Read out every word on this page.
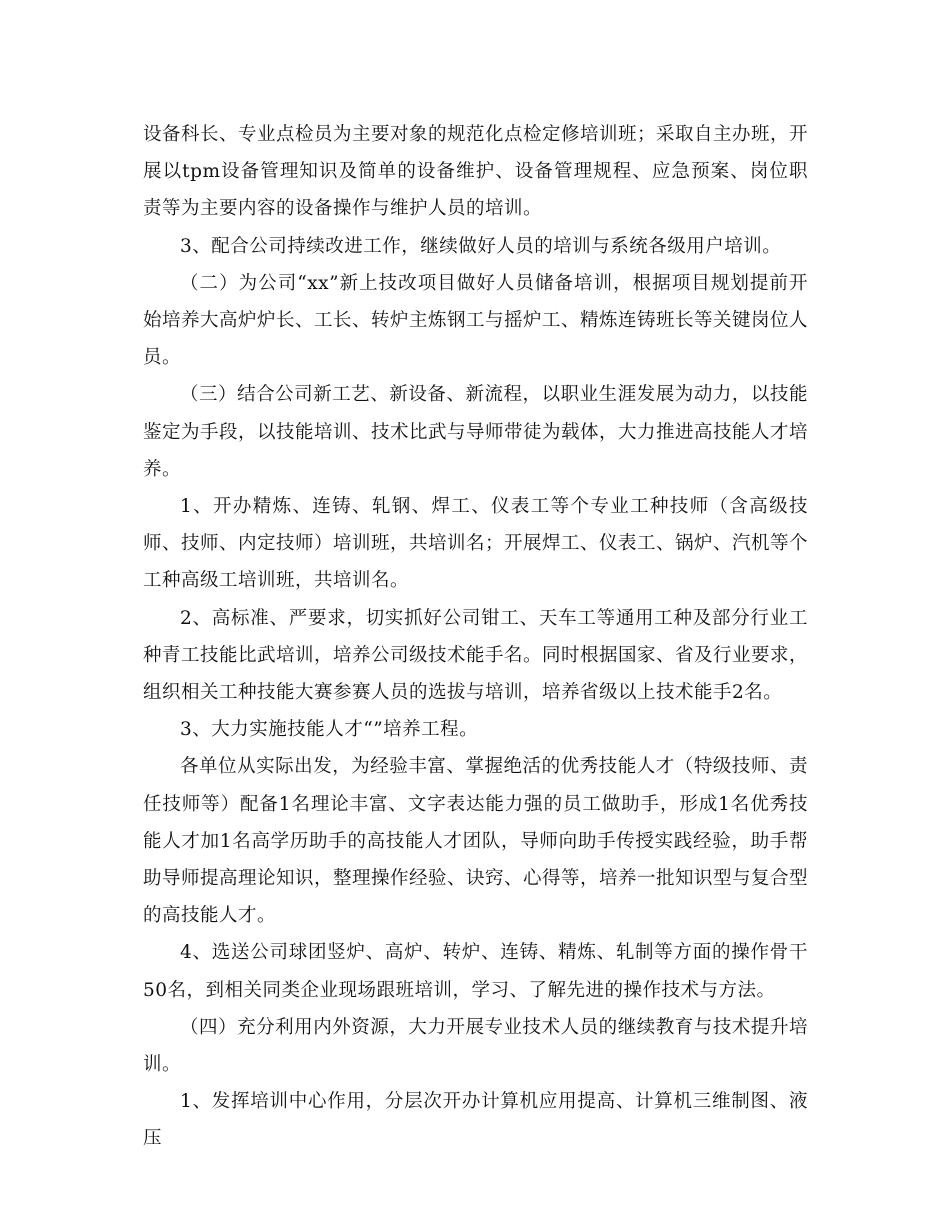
设备科长、专业点检员为主要对象的规范化点检定修培训班；采取自主办班，开展以tpm设备管理知识及简单的设备维护、设备管理规程、应急预案、岗位职责等为主要内容的设备操作与维护人员的培训。

3、配合公司持续改进工作，继续做好人员的培训与系统各级用户培训。

（二）为公司“xx”新上技改项目做好人员储备培训，根据项目规划提前开始培养大高炉炉长、工长、转炉主炼钢工与摇炉工、精炼连铸班长等关键岗位人员。

（三）结合公司新工艺、新设备、新流程，以职业生涯发展为动力，以技能鉴定为手段，以技能培训、技术比武与导师带徒为载体，大力推进高技能人才培养。

1、开办精炼、连铸、轧钢、焊工、仪表工等个专业工种技师（含高级技师、技师、内定技师）培训班，共培训名；开展焊工、仪表工、锅炉、汽机等个工种高级工培训班，共培训名。

2、高标准、严要求，切实抓好公司钳工、天车工等通用工种及部分行业工种青工技能比武培训，培养公司级技术能手名。同时根据国家、省及行业要求，组织相关工种技能大赛参赛人员的选拔与培训，培养省级以上技术能手2名。

3、大力实施技能人才“”培养工程。

各单位从实际出发，为经验丰富、掌握绝活的优秀技能人才（特级技师、责任技师等）配备1名理论丰富、文字表达能力强的员工做助手，形成1名优秀技能人才加1名高学历助手的高技能人才团队，导师向助手传授实践经验，助手帮助导师提高理论知识，整理操作经验、诀窍、心得等，培养一批知识型与复合型的高技能人才。

4、选送公司球团竖炉、高炉、转炉、连铸、精炼、轧制等方面的操作骨干50名，到相关同类企业现场跟班培训，学习、了解先进的操作技术与方法。

（四）充分利用内外资源，大力开展专业技术人员的继续教育与技术提升培训。

1、发挥培训中心作用，分层次开办计算机应用提高、计算机三维制图、液压
